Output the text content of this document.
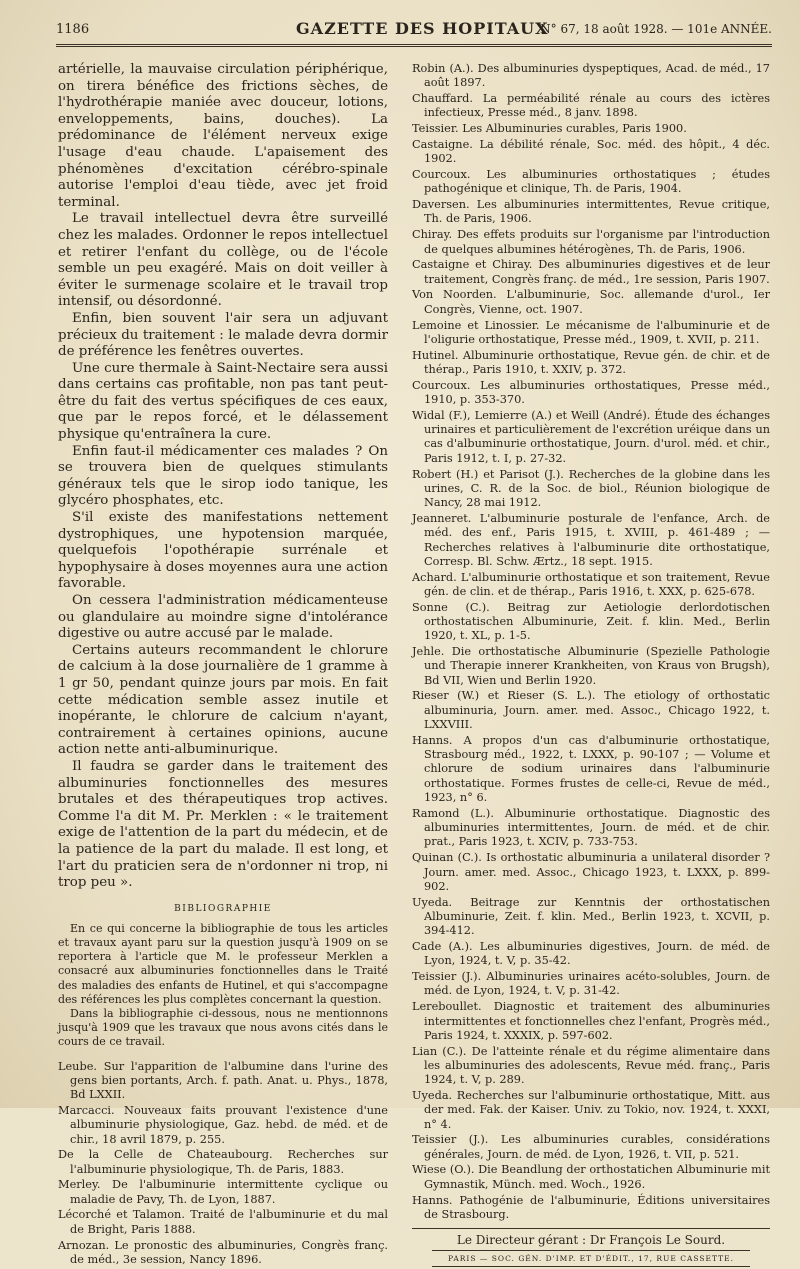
1186	GAZETTE DES HOPITAUX
N° 67, 18 août 1928. — 101e ANNÉE.

artérielle, la mauvaise circulation périphérique, on tirera bénéfice des frictions sèches, de l'hydrothérapie maniée avec douceur, lotions, enveloppements, bains, douches). La prédominance de l'élément nerveux exige l'usage d'eau chaude. L'apaisement des phénomènes d'excitation cérébro-spinale autorise l'emploi d'eau tiède, avec jet froid terminal.

Le travail intellectuel devra être surveillé chez les malades. Ordonner le repos intellectuel et retirer l'enfant du collège, ou de l'école semble un peu exagéré. Mais on doit veiller à éviter le surmenage scolaire et le travail trop intensif, ou désordonné.

Enfin, bien souvent l'air sera un adjuvant précieux du traitement : le malade devra dormir de préférence les fenêtres ouvertes.

Une cure thermale à Saint-Nectaire sera aussi dans certains cas profitable, non pas tant peut-être du fait des vertus spécifiques de ces eaux, que par le repos forcé, et le délassement physique qu'entraînera la cure.

Enfin faut-il médicamenter ces malades ? On se trouvera bien de quelques stimulants généraux tels que le sirop iodo tanique, les glycéro phosphates, etc.

S'il existe des manifestations nettement dystrophiques, une hypotension marquée, quelquefois l'opothérapie surrénale et hypophysaire à doses moyennes aura une action favorable.

On cessera l'administration médicamenteuse ou glandulaire au moindre signe d'intolérance digestive ou autre accusé par le malade.

Certains auteurs recommandent le chlorure de calcium à la dose journalière de 1 gramme à 1 gr 50, pendant quinze jours par mois. En fait cette médication semble assez inutile et inopérante, le chlorure de calcium n'ayant, contrairement à certaines opinions, aucune action nette anti-albuminurique.

Il faudra se garder dans le traitement des albuminuries fonctionnelles des mesures brutales et des thérapeutiques trop actives. Comme l'a dit M. Pr. Merklen : « le traitement exige de l'attention de la part du médecin, et de la patience de la part du malade. Il est long, et l'art du praticien sera de n'ordonner ni trop, ni trop peu ».

BIBLIOGRAPHIE

En ce qui concerne la bibliographie de tous les articles et travaux ayant paru sur la question jusqu'à 1909 on se reportera à l'article que M. le professeur Merklen a consacré aux albuminuries fonctionnelles dans le Traité des maladies des enfants de Hutinel, et qui s'accompagne des références les plus complètes concernant la question.

Dans la bibliographie ci-dessous, nous ne mentionnons jusqu'à 1909 que les travaux que nous avons cités dans le cours de ce travail.

Leube. Sur l'apparition de l'albumine dans l'urine des gens bien portants, Arch. f. path. Anat. u. Phys., 1878, Bd LXXII.

Marcacci. Nouveaux faits prouvant l'existence d'une albuminurie physiologique, Gaz. hebd. de méd. et de chir., 18 avril 1879, p. 255.

De la Celle de Chateaubourg. Recherches sur l'albuminurie physiologique, Th. de Paris, 1883.

Merley. De l'albuminurie intermittente cyclique ou maladie de Pavy, Th. de Lyon, 1887.

Lécorché et Talamon. Traité de l'albuminurie et du mal de Bright, Paris 1888.

Arnozan. Le pronostic des albuminuries, Congrès franç. de méd., 3e session, Nancy 1896.

Robin (A.). Des albuminuries dyspeptiques, Acad. de méd., 17 août 1897.

Chauffard. La perméabilité rénale au cours des ictères infectieux, Presse méd., 8 janv. 1898.

Teissier. Les Albuminuries curables, Paris 1900.

Castaigne. La débilité rénale, Soc. méd. des hôpit., 4 déc. 1902.

Courcoux. Les albuminuries orthostatiques ; études pathogénique et clinique, Th. de Paris, 1904.

Daversen. Les albuminuries intermittentes, Revue critique, Th. de Paris, 1906.

Chiray. Des effets produits sur l'organisme par l'introduction de quelques albumines hétérogènes, Th. de Paris, 1906.

Castaigne et Chiray. Des albuminuries digestives et de leur traitement, Congrès franç. de méd., 1re session, Paris 1907.

Von Noorden. L'albuminurie, Soc. allemande d'urol., Ier Congrès, Vienne, oct. 1907.

Lemoine et Linossier. Le mécanisme de l'albuminurie et de l'oligurie orthostatique, Presse méd., 1909, t. XVII, p. 211.

Hutinel. Albuminurie orthostatique, Revue gén. de chir. et de thérap., Paris 1910, t. XXIV, p. 372.

Courcoux. Les albuminuries orthostatiques, Presse méd., 1910, p. 353-370.

Widal (F.), Lemierre (A.) et Weill (André). Étude des échanges urinaires et particulièrement de l'excrétion uréique dans un cas d'albuminurie orthostatique, Journ. d'urol. méd. et chir., Paris 1912, t. I, p. 27-32.

Robert (H.) et Parisot (J.). Recherches de la globine dans les urines, C. R. de la Soc. de biol., Réunion biologique de Nancy, 28 mai 1912.

Jeanneret. L'albuminurie posturale de l'enfance, Arch. de méd. des enf., Paris 1915, t. XVIII, p. 461-489 ; — Recherches relatives à l'albuminurie dite orthostatique, Corresp. Bl. Schw. Ærtz., 18 sept. 1915.

Achard. L'albuminurie orthostatique et son traitement, Revue gén. de clin. et de thérap., Paris 1916, t. XXX, p. 625-678.

Sonne (C.). Beitrag zur Aetiologie derlordotischen orthostatischen Albuminurie, Zeit. f. klin. Med., Berlin 1920, t. XL, p. 1-5.

Jehle. Die orthostatische Albuminurie (Spezielle Pathologie und Therapie innerer Krankheiten, von Kraus von Brugsh), Bd VII, Wien und Berlin 1920.

Rieser (W.) et Rieser (S. L.). The etiology of orthostatic albuminuria, Journ. amer. med. Assoc., Chicago 1922, t. LXXVIII.

Hanns. A propos d'un cas d'albuminurie orthostatique, Strasbourg méd., 1922, t. LXXX, p. 90-107 ; — Volume et chlorure de sodium urinaires dans l'albuminurie orthostatique. Formes frustes de celle-ci, Revue de méd., 1923, n° 6.

Ramond (L.). Albuminurie orthostatique. Diagnostic des albuminuries intermittentes, Journ. de méd. et de chir. prat., Paris 1923, t. XCIV, p. 733-753.

Quinan (C.). Is orthostatic albuminuria a unilateral disorder ? Journ. amer. med. Assoc., Chicago 1923, t. LXXX, p. 899-902.

Uyeda. Beitrage zur Kenntnis der orthostatischen Albuminurie, Zeit. f. klin. Med., Berlin 1923, t. XCVII, p. 394-412.

Cade (A.). Les albuminuries digestives, Journ. de méd. de Lyon, 1924, t. V, p. 35-42.

Teissier (J.). Albuminuries urinaires acéto-solubles, Journ. de méd. de Lyon, 1924, t. V, p. 31-42.

Lereboullet. Diagnostic et traitement des albuminuries intermittentes et fonctionnelles chez l'enfant, Progrès méd., Paris 1924, t. XXXIX, p. 597-602.

Lian (C.). De l'atteinte rénale et du régime alimentaire dans les albuminuries des adolescents, Revue méd. franç., Paris 1924, t. V, p. 289.

Uyeda. Recherches sur l'albuminurie orthostatique, Mitt. aus der med. Fak. der Kaiser. Univ. zu Tokio, nov. 1924, t. XXXI, n° 4.

Teissier (J.). Les albuminuries curables, considérations générales, Journ. de méd. de Lyon, 1926, t. VII, p. 521.

Wiese (O.). Die Beandlung der orthostatichen Albuminurie mit Gymnastik, Münch. med. Woch., 1926.

Hanns. Pathogénie de l'albuminurie, Éditions universitaires de Strasbourg.

Le Directeur gérant : Dr François Le Sourd.
PARIS — SOC. GÉN. D'IMP. ET D'ÉDIT., 17, RUE CASSETTE.
